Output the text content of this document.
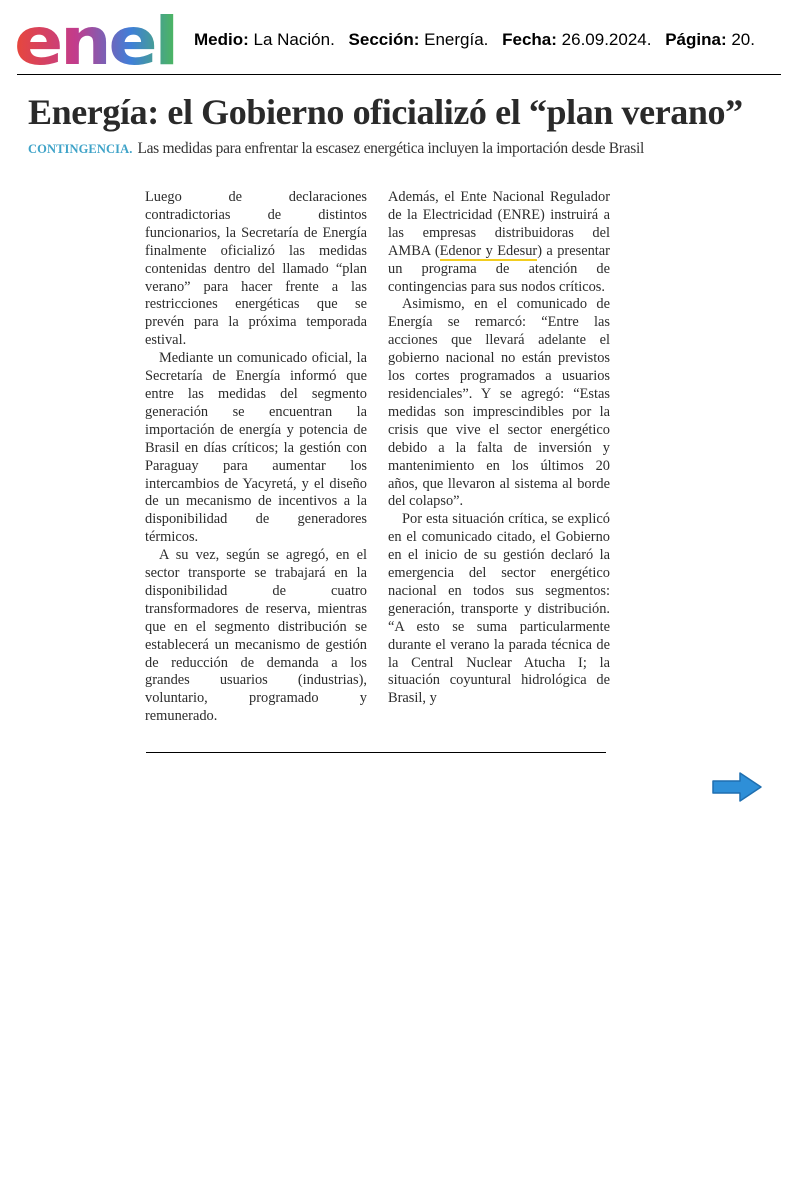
enel Medio: La Nación. Sección: Energía. Fecha: 26.09.2024. Página: 20.
Energía: el Gobierno oficializó el “plan verano”
CONTINGENCIA. Las medidas para enfrentar la escasez energética incluyen la importación desde Brasil

Luego de declaraciones contradictorias de distintos funcionarios, la Secretaría de Energía finalmente oficializó las medidas contenidas dentro del llamado “plan verano” para hacer frente a las restricciones energéticas que se prevén para la próxima temporada estival.

Mediante un comunicado oficial, la Secretaría de Energía informó que entre las medidas del segmento generación se encuentran la importación de energía y potencia de Brasil en días críticos; la gestión con Paraguay para aumentar los intercambios de Yacyretá, y el diseño de un mecanismo de incentivos a la disponibilidad de generadores térmicos.

A su vez, según se agregó, en el sector transporte se trabajará en la disponibilidad de cuatro transformadores de reserva, mientras que en el segmento distribución se establecerá un mecanismo de gestión de reducción de demanda a los grandes usuarios (industrias), voluntario, programado y remunerado.

Además, el Ente Nacional Regulador de la Electricidad (ENRE) instruirá a las empresas distribuidoras del AMBA (Edenor y Edesur) a presentar un programa de atención de contingencias para sus nodos críticos.

Asimismo, en el comunicado de Energía se remarcó: “Entre las acciones que llevará adelante el gobierno nacional no están previstos los cortes programados a usuarios residenciales”. Y se agregó: “Estas medidas son imprescindibles por la crisis que vive el sector energético debido a la falta de inversión y mantenimiento en los últimos 20 años, que llevaron al sistema al borde del colapso”.

Por esta situación crítica, se explicó en el comunicado citado, el Gobierno en el inicio de su gestión declaró la emergencia del sector energético nacional en todos sus segmentos: generación, transporte y distribución. “A esto se suma particularmente durante el verano la parada técnica de la Central Nuclear Atucha I; la situación coyuntural hidrológica de Brasil, y
